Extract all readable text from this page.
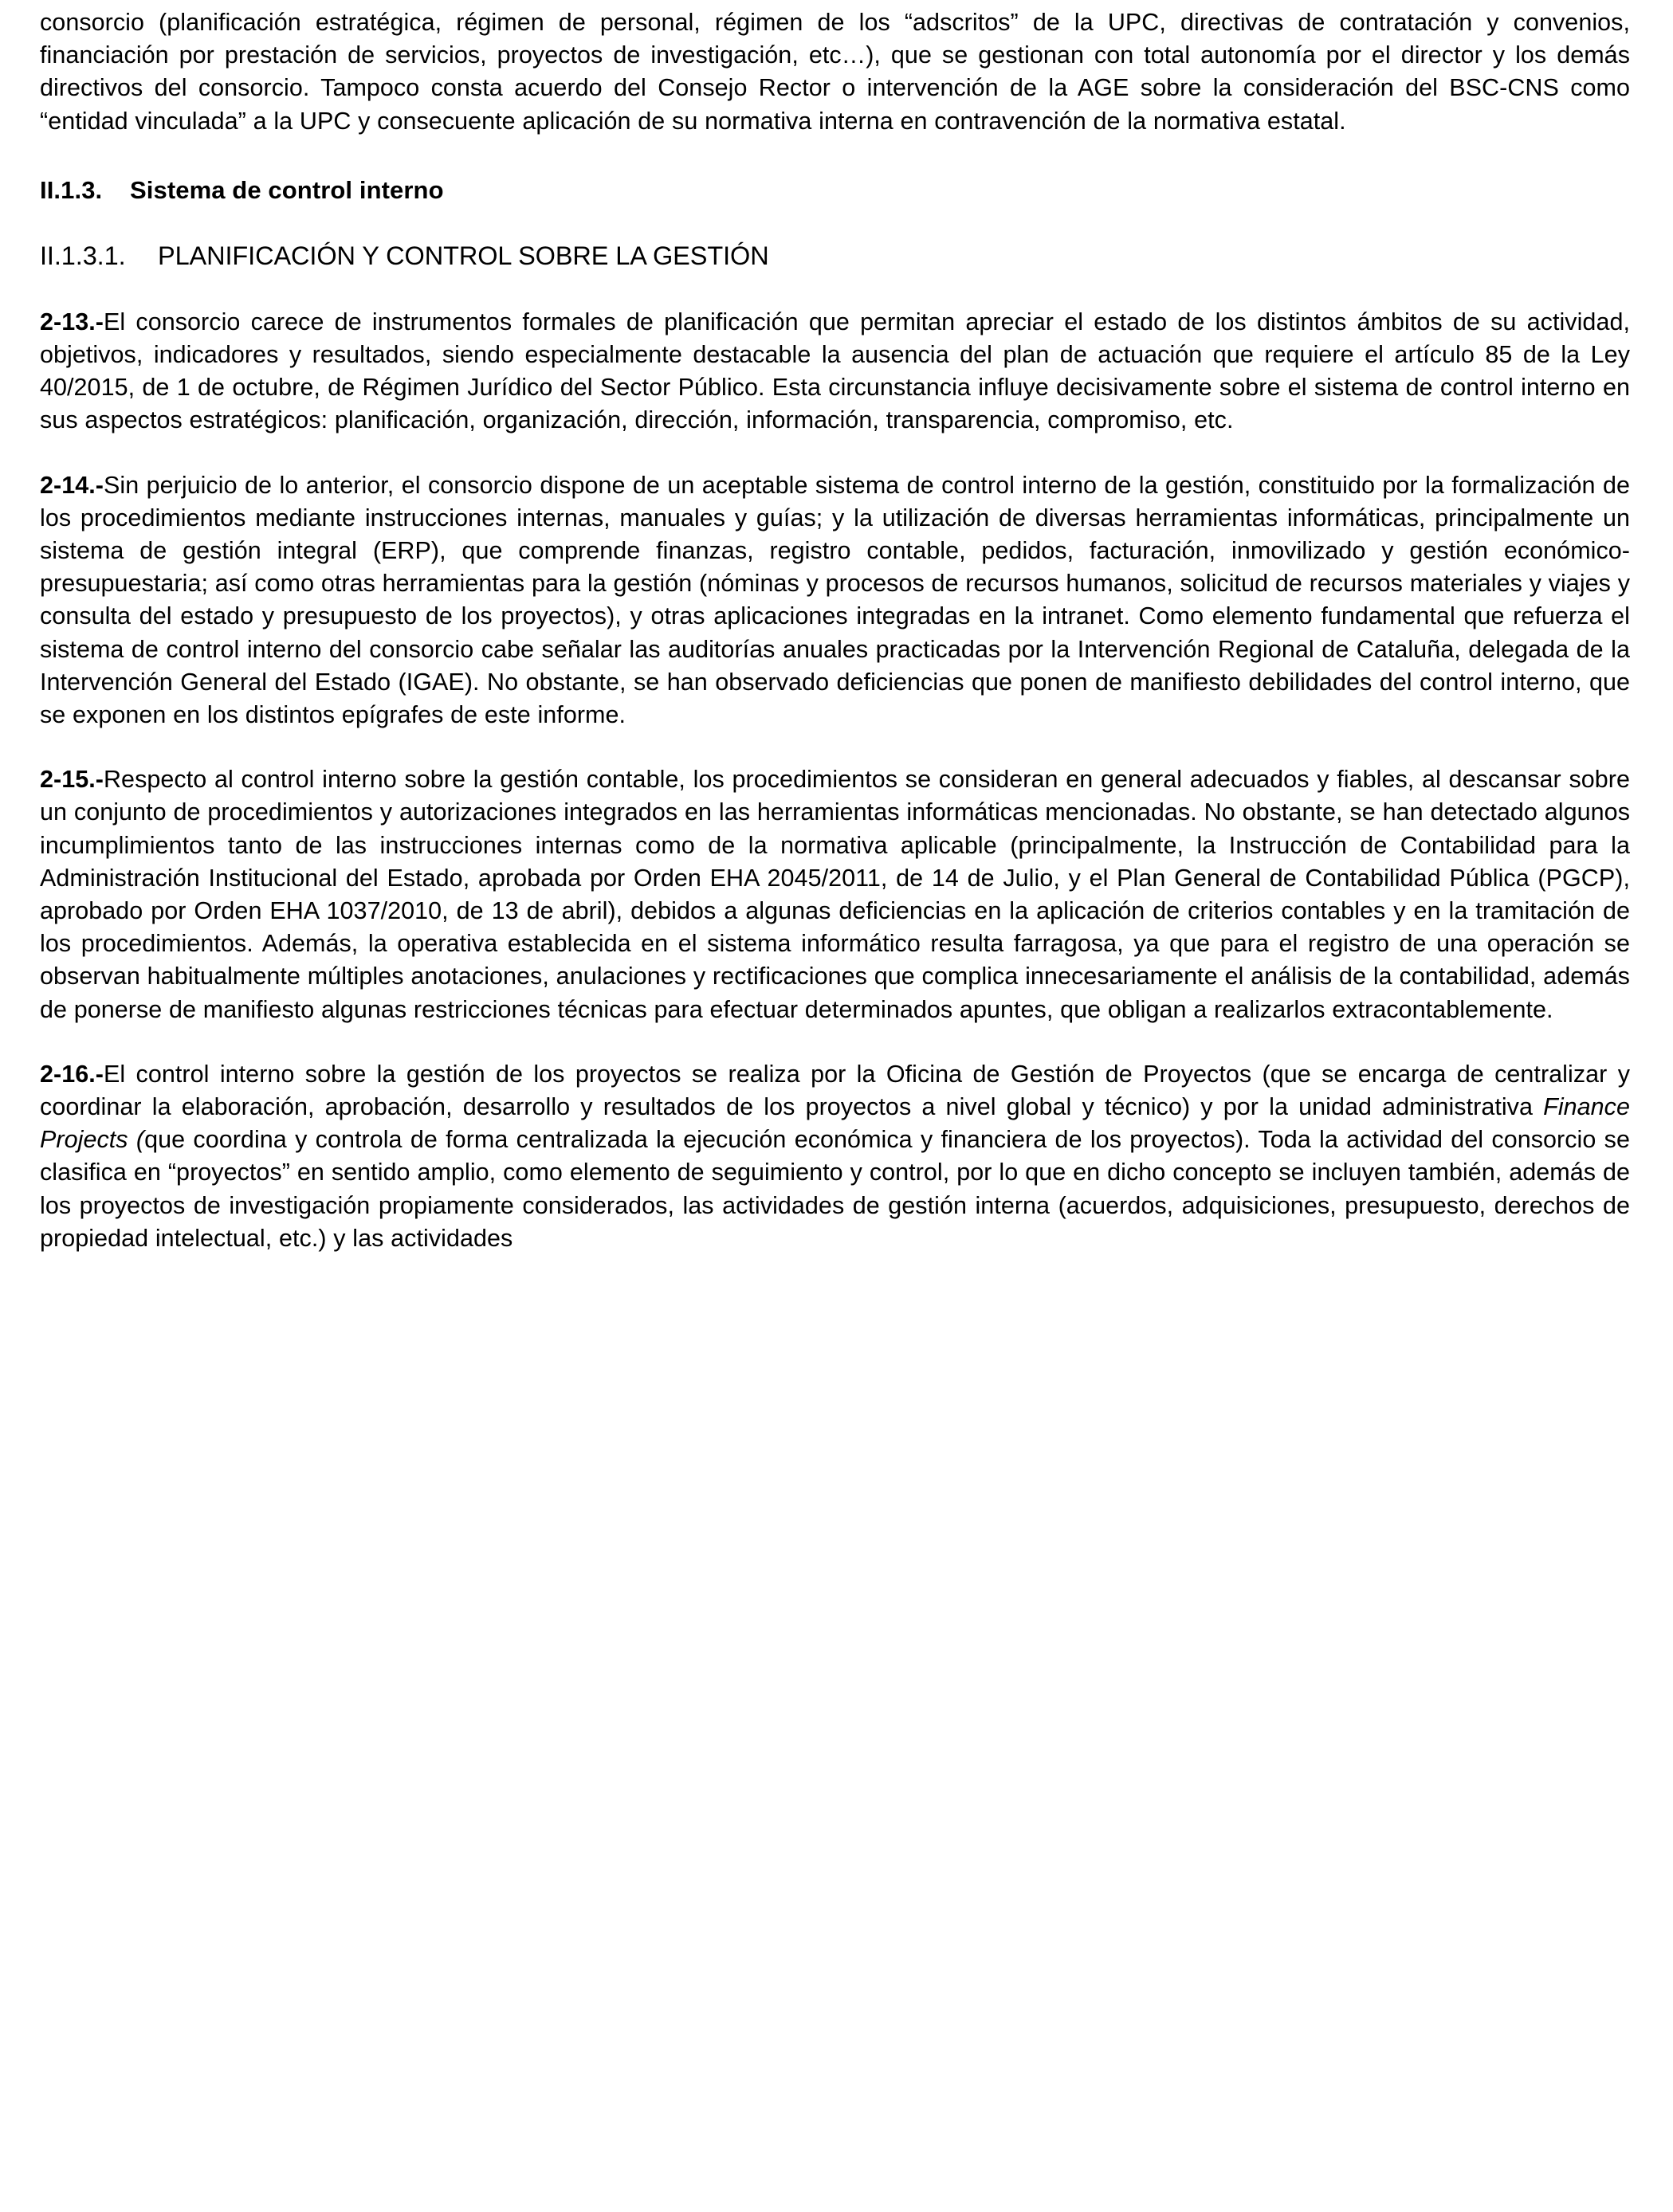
consorcio (planificación estratégica, régimen de personal, régimen de los “adscritos” de la UPC, directivas de contratación y convenios, financiación por prestación de servicios, proyectos de investigación, etc…), que se gestionan con total autonomía por el director y los demás directivos del consorcio. Tampoco consta acuerdo del Consejo Rector o intervención de la AGE sobre la consideración del BSC-CNS como “entidad vinculada” a la UPC y consecuente aplicación de su normativa interna en contravención de la normativa estatal.

II.1.3. Sistema de control interno
II.1.3.1. PLANIFICACIÓN Y CONTROL SOBRE LA GESTIÓN

2-13.-El consorcio carece de instrumentos formales de planificación que permitan apreciar el estado de los distintos ámbitos de su actividad, objetivos, indicadores y resultados, siendo especialmente destacable la ausencia del plan de actuación que requiere el artículo 85 de la Ley 40/2015, de 1 de octubre, de Régimen Jurídico del Sector Público. Esta circunstancia influye decisivamente sobre el sistema de control interno en sus aspectos estratégicos: planificación, organización, dirección, información, transparencia, compromiso, etc.

2-14.-Sin perjuicio de lo anterior, el consorcio dispone de un aceptable sistema de control interno de la gestión, constituido por la formalización de los procedimientos mediante instrucciones internas, manuales y guías; y la utilización de diversas herramientas informáticas, principalmente un sistema de gestión integral (ERP), que comprende finanzas, registro contable, pedidos, facturación, inmovilizado y gestión económico-presupuestaria; así como otras herramientas para la gestión (nóminas y procesos de recursos humanos, solicitud de recursos materiales y viajes y consulta del estado y presupuesto de los proyectos), y otras aplicaciones integradas en la intranet. Como elemento fundamental que refuerza el sistema de control interno del consorcio cabe señalar las auditorías anuales practicadas por la Intervención Regional de Cataluña, delegada de la Intervención General del Estado (IGAE). No obstante, se han observado deficiencias que ponen de manifiesto debilidades del control interno, que se exponen en los distintos epígrafes de este informe.

2-15.-Respecto al control interno sobre la gestión contable, los procedimientos se consideran en general adecuados y fiables, al descansar sobre un conjunto de procedimientos y autorizaciones integrados en las herramientas informáticas mencionadas. No obstante, se han detectado algunos incumplimientos tanto de las instrucciones internas como de la normativa aplicable (principalmente, la Instrucción de Contabilidad para la Administración Institucional del Estado, aprobada por Orden EHA 2045/2011, de 14 de Julio, y el Plan General de Contabilidad Pública (PGCP), aprobado por Orden EHA 1037/2010, de 13 de abril), debidos a algunas deficiencias en la aplicación de criterios contables y en la tramitación de los procedimientos. Además, la operativa establecida en el sistema informático resulta farragosa, ya que para el registro de una operación se observan habitualmente múltiples anotaciones, anulaciones y rectificaciones que complica innecesariamente el análisis de la contabilidad, además de ponerse de manifiesto algunas restricciones técnicas para efectuar determinados apuntes, que obligan a realizarlos extracontablemente.

2-16.-El control interno sobre la gestión de los proyectos se realiza por la Oficina de Gestión de Proyectos (que se encarga de centralizar y coordinar la elaboración, aprobación, desarrollo y resultados de los proyectos a nivel global y técnico) y por la unidad administrativa Finance Projects (que coordina y controla de forma centralizada la ejecución económica y financiera de los proyectos). Toda la actividad del consorcio se clasifica en “proyectos” en sentido amplio, como elemento de seguimiento y control, por lo que en dicho concepto se incluyen también, además de los proyectos de investigación propiamente considerados, las actividades de gestión interna (acuerdos, adquisiciones, presupuesto, derechos de propiedad intelectual, etc.) y las actividades
